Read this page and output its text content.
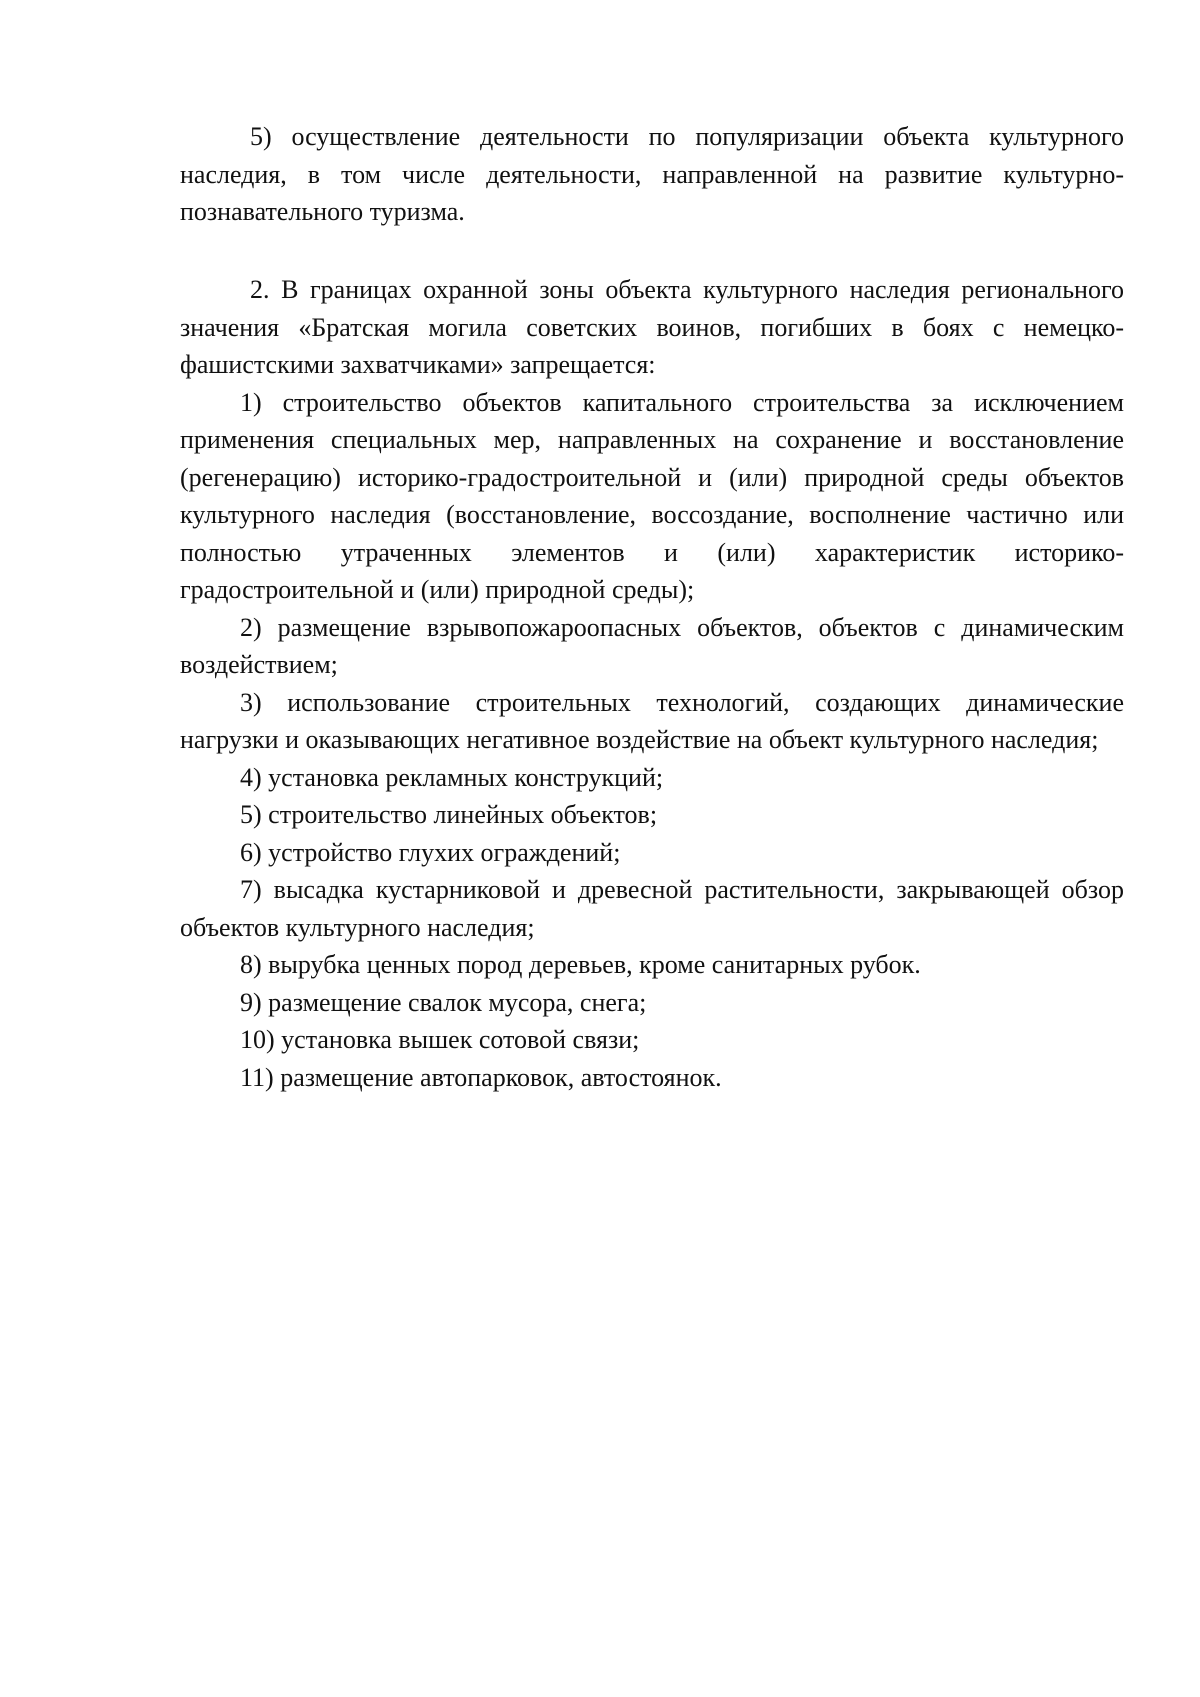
5) осуществление деятельности по популяризации объекта культурного наследия, в том числе деятельности, направленной на развитие культурно-познавательного туризма.

2. В границах охранной зоны объекта культурного наследия регионального значения «Братская могила советских воинов, погибших в боях с немецко-фашистскими захватчиками» запрещается:

1) строительство объектов капитального строительства за исключением применения специальных мер, направленных на сохранение и восстановление (регенерацию) историко-градостроительной и (или) природной среды объектов культурного наследия (восстановление, воссоздание, восполнение частично или полностью утраченных элементов и (или) характеристик историко-градостроительной и (или) природной среды);

2) размещение взрывопожароопасных объектов, объектов с динамическим воздействием;

3) использование строительных технологий, создающих динамические нагрузки и оказывающих негативное воздействие на объект культурного наследия;

4) установка рекламных конструкций;

5) строительство линейных объектов;

6) устройство глухих ограждений;

7) высадка кустарниковой и древесной растительности, закрывающей обзор объектов культурного наследия;

8) вырубка ценных пород деревьев, кроме санитарных рубок.

9) размещение свалок мусора, снега;

10) установка вышек сотовой связи;

11) размещение автопарковок, автостоянок.
